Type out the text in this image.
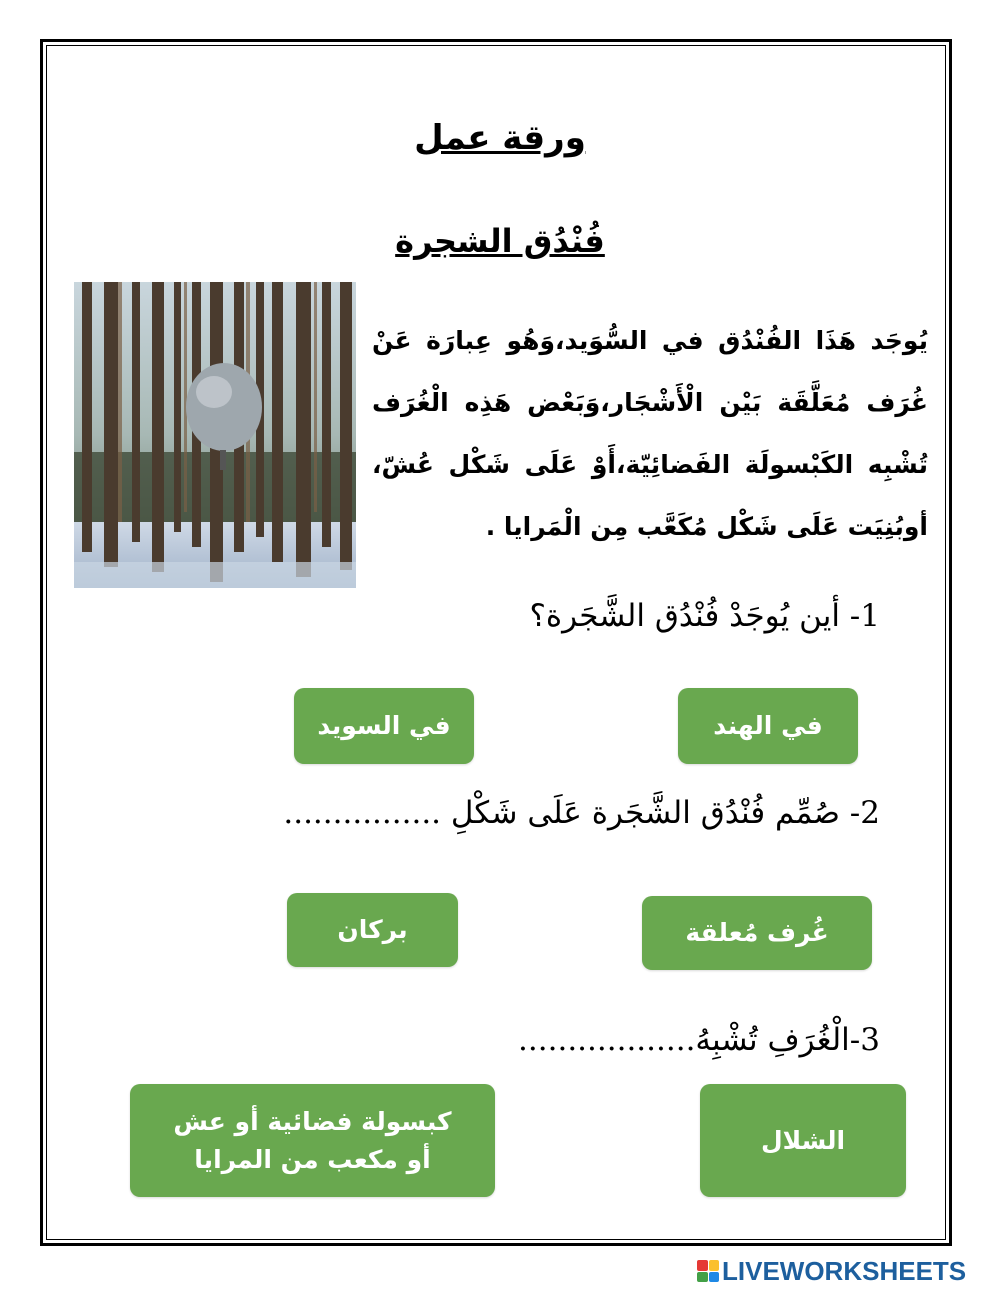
ورقة عمل
فُنْدُق الشجرة
يُوجَد هَذَا الفُنْدُق في السُّوَيد،وَهُو عِبارَة عَنْ غُرَف مُعَلَّقَة بَيْن الْأَشْجَار،وَبَعْض هَذِه الْغُرَف تُشْبِه الكَبْسولَة الفَضائِيّة،أَوْ عَلَى شَكْل عُشّ، أوبُنِيَت عَلَى شَكْل مُكَعَّب مِن الْمَرايا .
1- أين يُوجَدْ فُنْدُق الشَّجَرة؟
في الهند
في السويد
2- صُمِّم فُنْدُق الشَّجَرة عَلَى شَكْلِ ................
غُرف مُعلقة
بركان
3-الْغُرَفِ تُشْبِهُ..................
الشلال
كبسولة فضائية أو عش أو مكعب من المرايا
LIVEWORKSHEETS
